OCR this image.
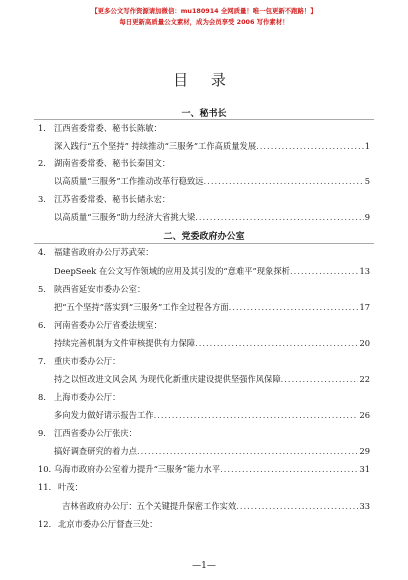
【更多公文写作资源请加微信：mu180914 全网质量！唯一包更新不跑路！】
每日更新高质量公文素材，成为会员享受 2006 写作素材！
目 录
一、秘书长
1. 江西省委常委、秘书长陈敏：
深入践行“五个坚持” 持续推动“三服务”工作高质量发展 .....	1
2. 湖南省委常委、秘书长秦国文：
以高质量“三服务”工作推动改革行稳致远 .....	5
3. 江苏省委常委、秘书长储永宏：
以高质量“三服务”助力经济大省挑大梁 .....	9
二、党委政府办公室
4. 福建省政府办公厅苏武荣：
DeepSeek 在公文写作领域的应用及其引发的“意难平”现象探析 .....	13
5. 陕西省延安市委办公室：
把“五个坚持”落实到“三服务”工作全过程各方面 .....	17
6. 河南省委办公厅省委法规室：
持续完善机制为文件审核提供有力保障 .....	20
7. 重庆市委办公厅：
持之以恒改进文风会风 为现代化新重庆建设提供坚强作风保障 .....	22
8. 上海市委办公厅：
多向发力做好请示报告工作 .....	26
9. 江西省委办公厅张庆：
搞好调查研究的着力点 .....	29
10. 乌海市政府办公室着力提升“三服务”能力水平 .....	31
11. 叶茂：
吉林省政府办公厅：五个关键提升保密工作实效 .....	33
12. 北京市委办公厅督查三处：
—1—
